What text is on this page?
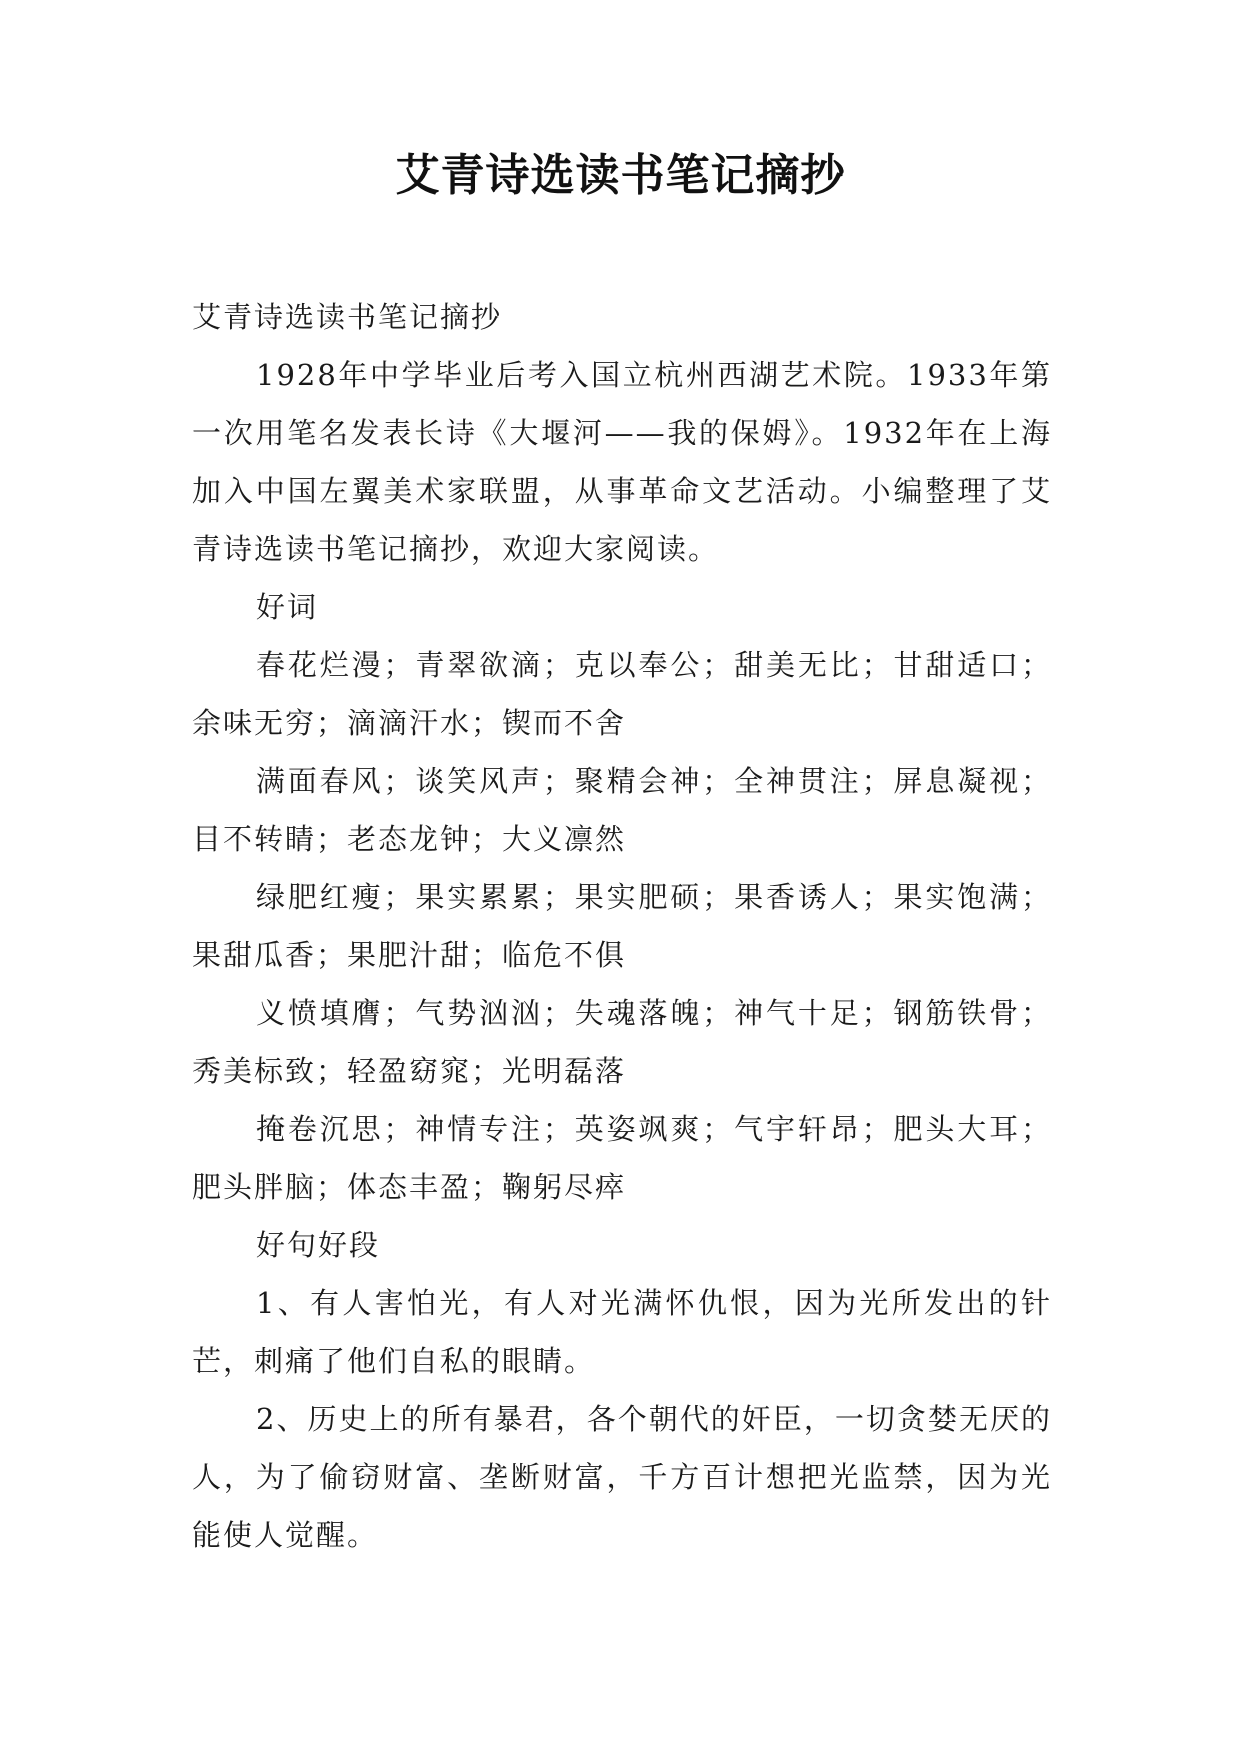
艾青诗选读书笔记摘抄

艾青诗选读书笔记摘抄

1928年中学毕业后考入国立杭州西湖艺术院。1933年第一次用笔名发表长诗《大堰河——我的保姆》。1932年在上海加入中国左翼美术家联盟，从事革命文艺活动。小编整理了艾青诗选读书笔记摘抄，欢迎大家阅读。

好词

春花烂漫；青翠欲滴；克以奉公；甜美无比；甘甜适口；余味无穷；滴滴汗水；锲而不舍

满面春风；谈笑风声；聚精会神；全神贯注；屏息凝视；目不转睛；老态龙钟；大义凛然

绿肥红瘦；果实累累；果实肥硕；果香诱人；果实饱满；果甜瓜香；果肥汁甜；临危不俱

义愤填膺；气势汹汹；失魂落魄；神气十足；钢筋铁骨；秀美标致；轻盈窈窕；光明磊落

掩卷沉思；神情专注；英姿飒爽；气宇轩昂；肥头大耳；肥头胖脑；体态丰盈；鞠躬尽瘁

好句好段

1、有人害怕光，有人对光满怀仇恨，因为光所发出的针芒，刺痛了他们自私的眼睛。

2、历史上的所有暴君，各个朝代的奸臣，一切贪婪无厌的人，为了偷窃财富、垄断财富，千方百计想把光监禁，因为光能使人觉醒。
